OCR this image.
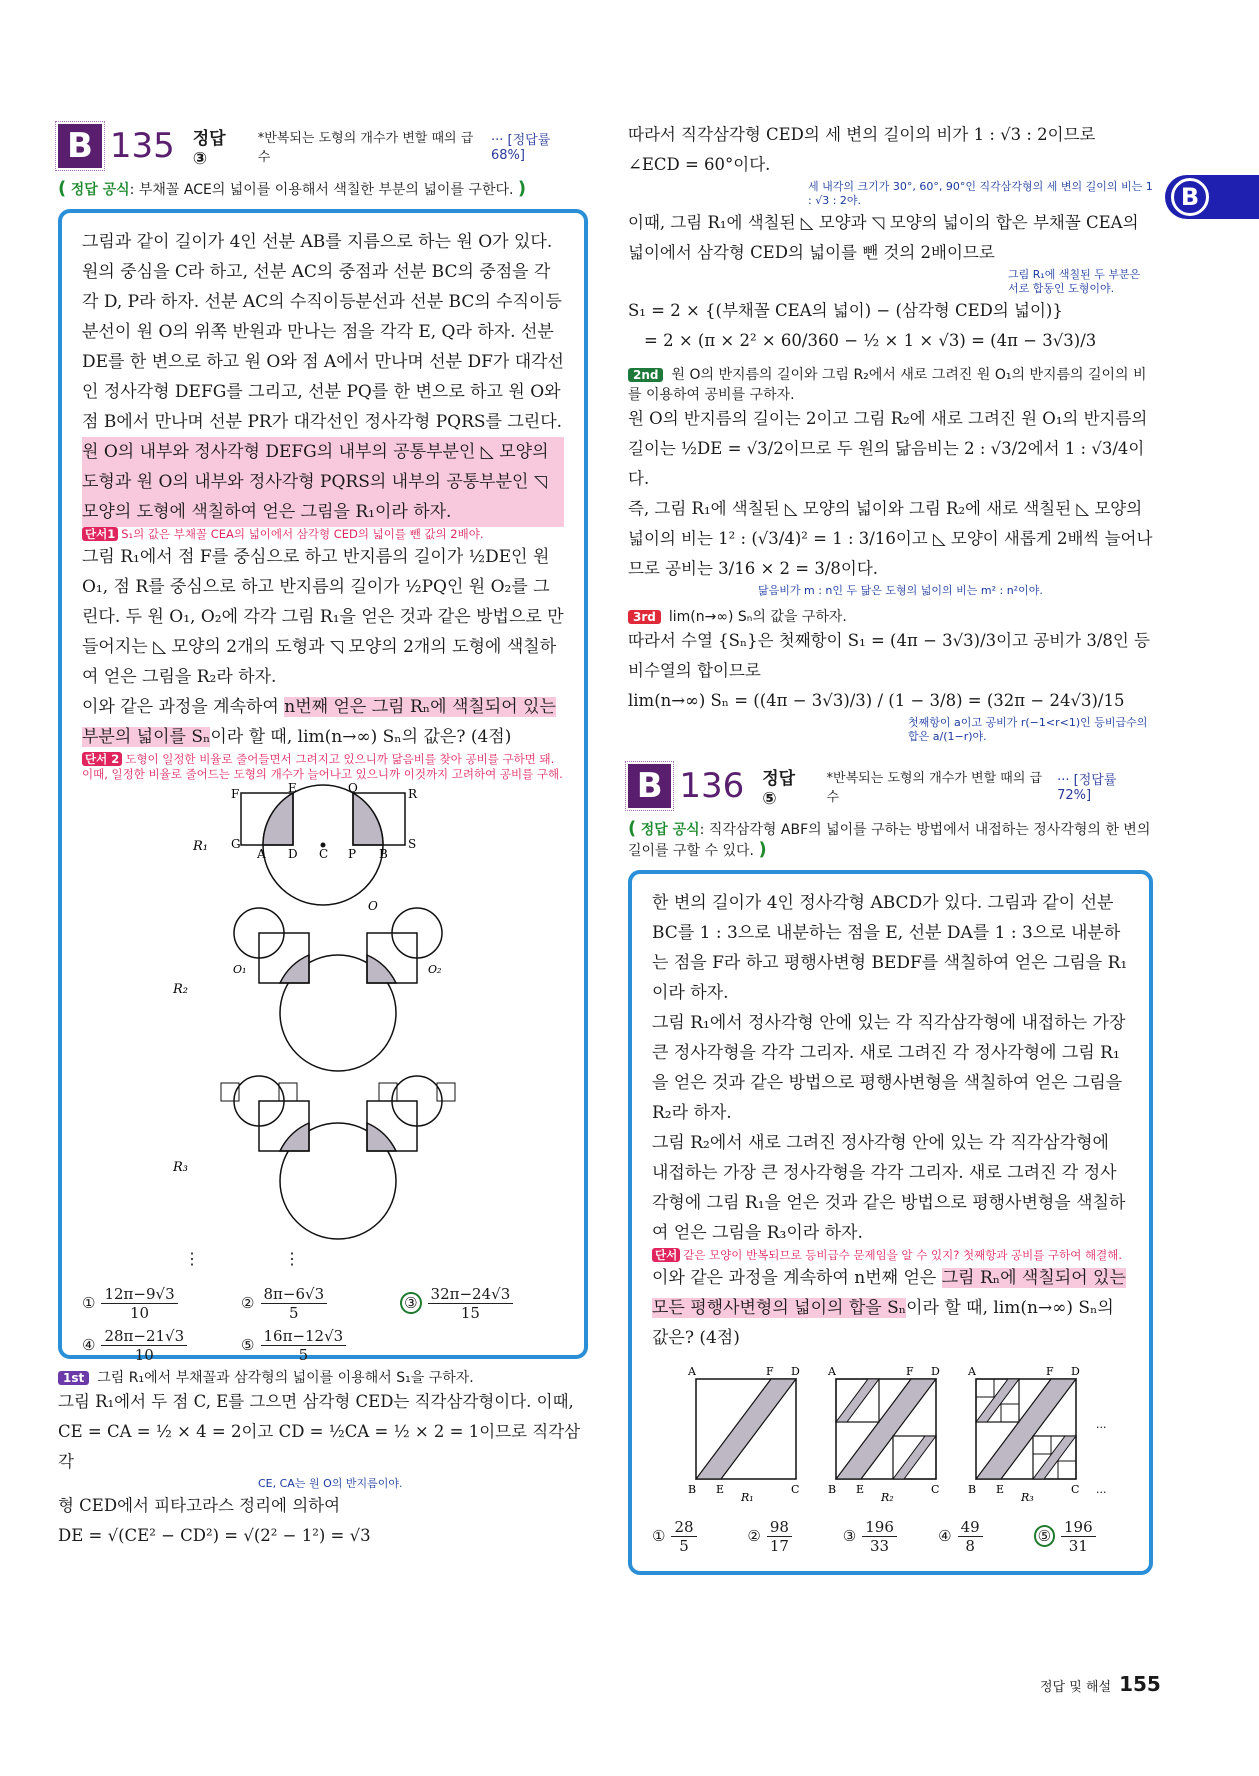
B
B 135 정답 ③
*반복되는 도형의 개수가 변할 때의 급수
··· [정답률 68%]
( 정답 공식: 부채꼴 ACE의 넓이를 이용해서 색칠한 부분의 넓이를 구한다. )

그림과 같이 길이가 4인 선분 AB를 지름으로 하는 원 O가 있다. 원의 중심을 C라 하고, 선분 AC의 중점과 선분 BC의 중점을 각각 D, P라 하자. 선분 AC의 수직이등분선과 선분 BC의 수직이등분선이 원 O의 위쪽 반원과 만나는 점을 각각 E, Q라 하자. 선분 DE를 한 변으로 하고 원 O와 점 A에서 만나며 선분 DF가 대각선인 정사각형 DEFG를 그리고, 선분 PQ를 한 변으로 하고 원 O와 점 B에서 만나며 선분 PR가 대각선인 정사각형 PQRS를 그린다.

원 O의 내부와 정사각형 DEFG의 내부의 공통부분인 ◺ 모양의 도형과 원 O의 내부와 정사각형 PQRS의 내부의 공통부분인 ◹ 모양의 도형에 색칠하여 얻은 그림을 R₁이라 하자.

단서1 S₁의 값은 부채꼴 CEA의 넓이에서 삼각형 CED의 넓이를 뺀 값의 2배야.

그림 R₁에서 점 F를 중심으로 하고 반지름의 길이가 ½DE인 원 O₁, 점 R를 중심으로 하고 반지름의 길이가 ½PQ인 원 O₂를 그린다. 두 원 O₁, O₂에 각각 그림 R₁을 얻은 것과 같은 방법으로 만들어지는 ◺ 모양의 2개의 도형과 ◹ 모양의 2개의 도형에 색칠하여 얻은 그림을 R₂라 하자.

이와 같은 과정을 계속하여 n번째 얻은 그림 Rₙ에 색칠되어 있는 부분의 넓이를 Sₙ이라 할 때, lim(n→∞) Sₙ의 값은? (4점)

단서 2 도형이 일정한 비율로 줄어들면서 그려지고 있으니까 닮음비를 찾아 공비를 구하면 돼. 이때, 일정한 비율로 줄어드는 도형의 개수가 늘어나고 있으니까 이것까지 고려하여 공비를 구해.
R₁
F	E	Q	R
G
A D C P B
S
O
R₂
O₁	O₂
R₃
⋮	⋮
① $\frac{12\pi-9√3}{10}$	② $\frac{8\pi-6√3}{5}$	③ $\frac{32\pi-24√3}{15}$
④ $\frac{28\pi-21√3}{10}$	⑤ $\frac{16\pi-12√3}{5}$
1st 그림 R₁에서 부채꼴과 삼각형의 넓이를 이용해서 S₁을 구하자.

그림 R₁에서 두 점 C, E를 그으면 삼각형 CED는 직각삼각형이다. 이때,

CE = CA = ½ × 4 = 2이고 CD = ½CA = ½ × 2 = 1이므로 직각삼각

CE, CA는 원 O의 반지름이야.

형 CED에서 피타고라스 정리에 의하여

DE = √(CE² − CD²) = √(2² − 1²) = √3

따라서 직각삼각형 CED의 세 변의 길이의 비가 1 : √3 : 2이므로

∠ECD = 60°이다.

세 내각의 크기가 30°, 60°, 90°인 직각삼각형의 세 변의 길이의 비는 1 : √3 : 2야.

이때, 그림 R₁에 색칠된 ◺ 모양과 ◹ 모양의 넓이의 합은 부채꼴 CEA의 넓이에서 삼각형 CED의 넓이를 뺀 것의 2배이므로

그림 R₁에 색칠된 두 부분은 서로 합동인 도형이야.

S₁ = 2 × {(부채꼴 CEA의 넓이) − (삼각형 CED의 넓이)}

= 2 × (π × 2² × 60/360 − ½ × 1 × √3) = (4π − 3√3)/3

2nd 원 O의 반지름의 길이와 그림 R₂에서 새로 그려진 원 O₁의 반지름의 길이의 비를 이용하여 공비를 구하자.

원 O의 반지름의 길이는 2이고 그림 R₂에 새로 그려진 원 O₁의 반지름의 길이는 ½DE = √3/2이므로 두 원의 닮음비는 2 : √3/2에서 1 : √3/4이다.

즉, 그림 R₁에 색칠된 ◺ 모양의 넓이와 그림 R₂에 새로 색칠된 ◺ 모양의 넓이의 비는 1² : (√3/4)² = 1 : 3/16이고 ◺ 모양이 새롭게 2배씩 늘어나므로 공비는 3/16 × 2 = 3/8이다.

닮음비가 m : n인 두 닮은 도형의 넓이의 비는 m² : n²이야.

3rd lim(n→∞) Sₙ의 값을 구하자.

따라서 수열 {Sₙ}은 첫째항이 S₁ = (4π − 3√3)/3이고 공비가 3/8인 등비수열의 합이므로

lim(n→∞) Sₙ = ((4π − 3√3)/3) / (1 − 3/8) = (32π − 24√3)/15

첫째항이 a이고 공비가 r(−1<r<1)인 등비급수의 합은 a/(1−r)야.

B 136 정답 ⑤
*반복되는 도형의 개수가 변할 때의 급수
··· [정답률 72%]
( 정답 공식: 직각삼각형 ABF의 넓이를 구하는 방법에서 내접하는 정사각형의 한 변의 길이를 구할 수 있다. )

한 변의 길이가 4인 정사각형 ABCD가 있다. 그림과 같이 선분 BC를 1 : 3으로 내분하는 점을 E, 선분 DA를 1 : 3으로 내분하는 점을 F라 하고 평행사변형 BEDF를 색칠하여 얻은 그림을 R₁이라 하자.

그림 R₁에서 정사각형 안에 있는 각 직각삼각형에 내접하는 가장 큰 정사각형을 각각 그리자. 새로 그려진 각 정사각형에 그림 R₁을 얻은 것과 같은 방법으로 평행사변형을 색칠하여 얻은 그림을 R₂라 하자.

그림 R₂에서 새로 그려진 정사각형 안에 있는 각 직각삼각형에 내접하는 가장 큰 정사각형을 각각 그리자. 새로 그려진 각 정사각형에 그림 R₁을 얻은 것과 같은 방법으로 평행사변형을 색칠하여 얻은 그림을 R₃이라 하자.

단서 같은 모양이 반복되므로 등비급수 문제임을 알 수 있지? 첫째항과 공비를 구하여 해결해.

이와 같은 과정을 계속하여 n번째 얻은 그림 Rₙ에 색칠되어 있는 모든 평행사변형의 넓이의 합을 Sₙ이라 할 때, lim(n→∞) Sₙ의 값은? (4점)

A	F D
B E	C
R₁
A	F D
B E	C
R₂
A	F D
B E	C
R₃
···
···
① $\frac{28}{5}$	② $\frac{98}{17}$	③ $\frac{196}{33}$	④ $\frac{49}{8}$	⑤ $\frac{196}{31}$
정답 및 해설 155
